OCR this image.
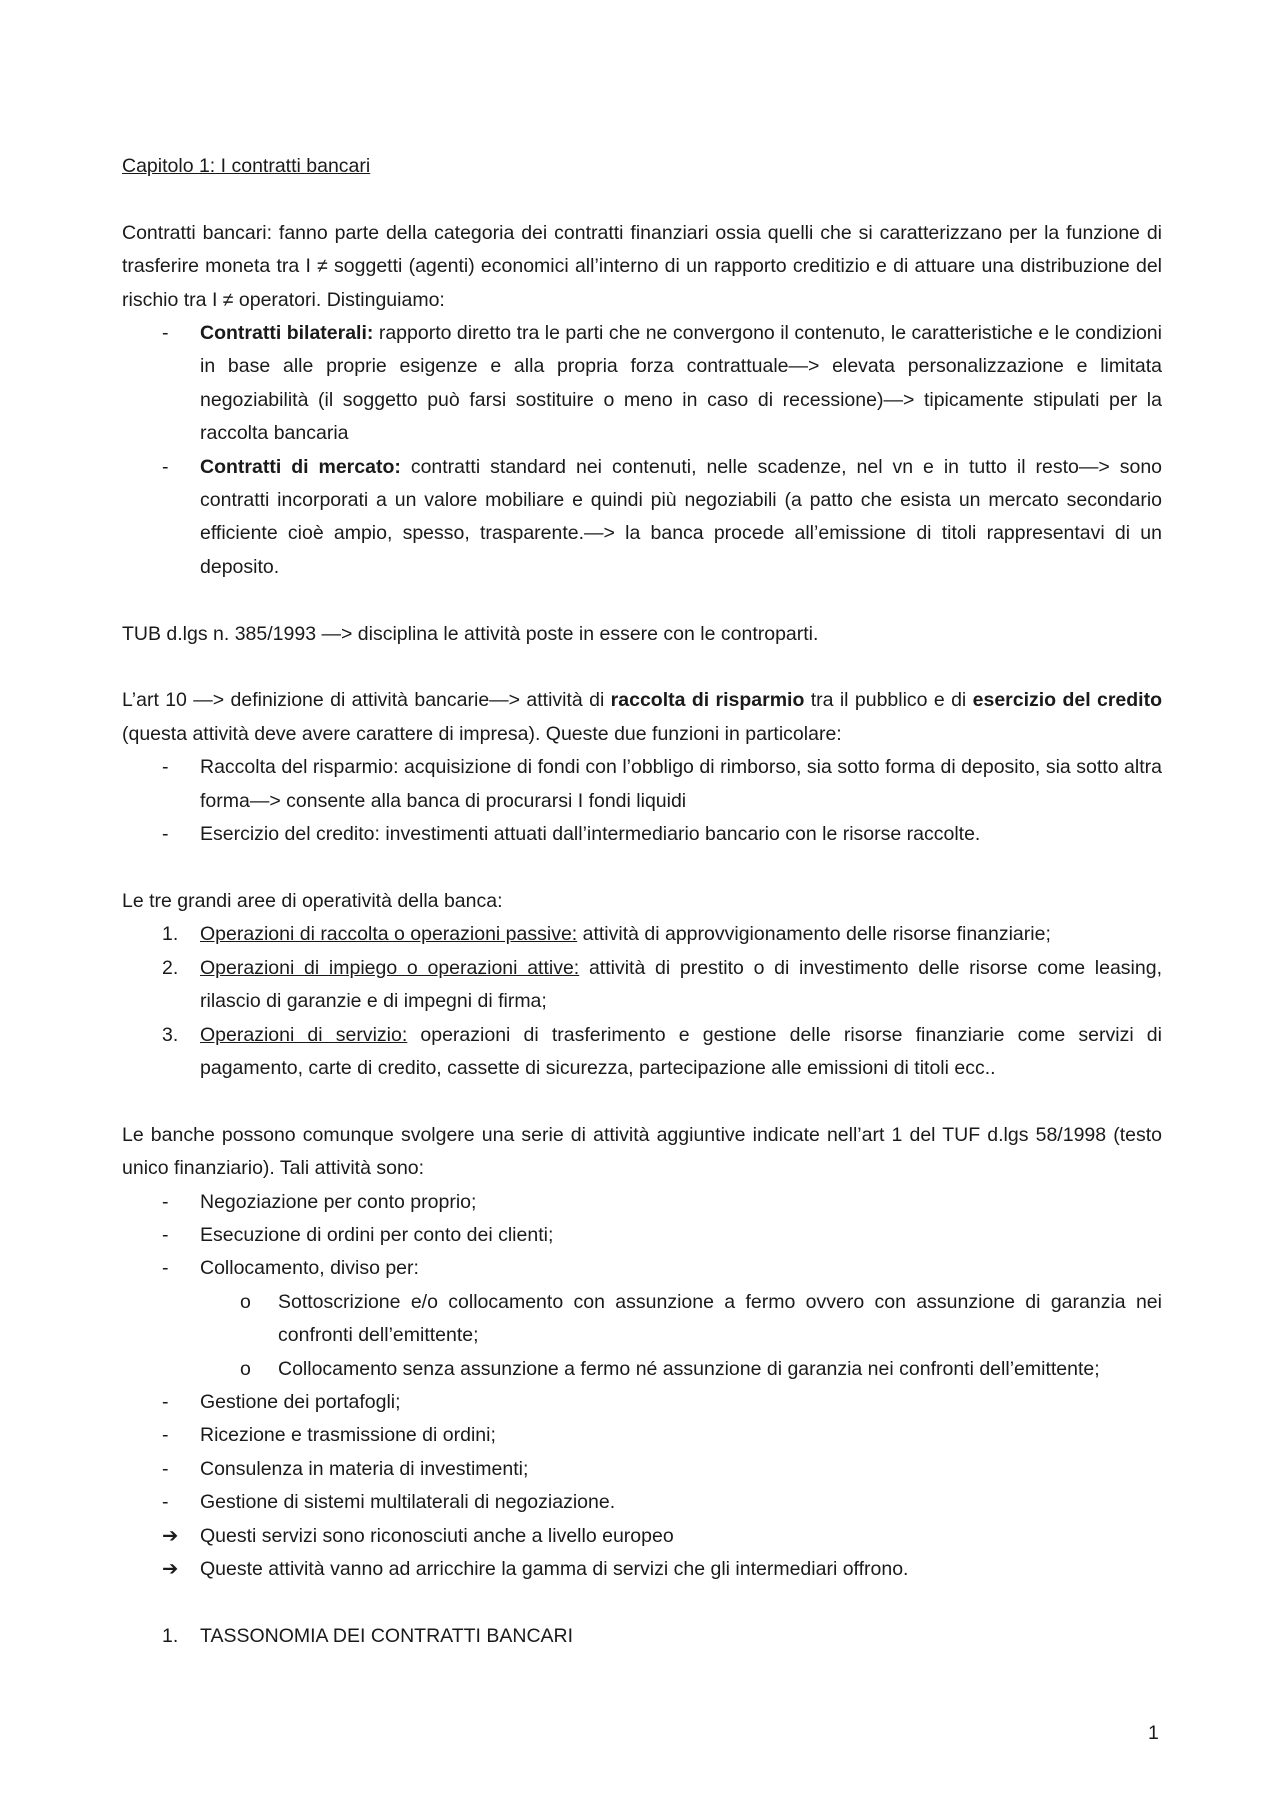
Capitolo 1: I contratti bancari

Contratti bancari: fanno parte della categoria dei contratti finanziari ossia quelli che si caratterizzano per la funzione di trasferire moneta tra I ≠ soggetti (agenti) economici all’interno di un rapporto creditizio e di attuare una distribuzione del rischio tra I ≠ operatori. Distinguiamo:

-	Contratti bilaterali: rapporto diretto tra le parti che ne convergono il contenuto, le caratteristiche e le condizioni in base alle proprie esigenze e alla propria forza contrattuale—> elevata personalizzazione e limitata negoziabilità (il soggetto può farsi sostituire o meno in caso di recessione)—> tipicamente stipulati per la raccolta bancaria
-	Contratti di mercato: contratti standard nei contenuti, nelle scadenze, nel vn e in tutto il resto—> sono contratti incorporati a un valore mobiliare e quindi più negoziabili (a patto che esista un mercato secondario efficiente cioè ampio, spesso, trasparente.—> la banca procede all’emissione di titoli rappresentavi di un deposito.

TUB d.lgs n. 385/1993 —> disciplina le attività poste in essere con le controparti.

L’art 10 —> definizione di attività bancarie—> attività di raccolta di risparmio tra il pubblico e di esercizio del credito (questa attività deve avere carattere di impresa). Queste due funzioni in particolare:

-	Raccolta del risparmio: acquisizione di fondi con l’obbligo di rimborso, sia sotto forma di deposito, sia sotto altra forma—> consente alla banca di procurarsi I fondi liquidi
-	Esercizio del credito: investimenti attuati dall’intermediario bancario con le risorse raccolte.

Le tre grandi aree di operatività della banca:

1.	Operazioni di raccolta o operazioni passive: attività di approvvigionamento delle risorse finanziarie;
2.	Operazioni di impiego o operazioni attive: attività di prestito o di investimento delle risorse come leasing, rilascio di garanzie e di impegni di firma;
3.	Operazioni di servizio: operazioni di trasferimento e gestione delle risorse finanziarie come servizi di pagamento, carte di credito, cassette di sicurezza, partecipazione alle emissioni di titoli ecc..

Le banche possono comunque svolgere una serie di attività aggiuntive indicate nell’art 1 del TUF d.lgs 58/1998 (testo unico finanziario). Tali attività sono:

-	Negoziazione per conto proprio;
-	Esecuzione di ordini per conto dei clienti;
-	Collocamento, diviso per:
o Sottoscrizione e/o collocamento con assunzione a fermo ovvero con assunzione di garanzia nei confronti dell’emittente;
o Collocamento senza assunzione a fermo né assunzione di garanzia nei confronti dell’emittente;
-	Gestione dei portafogli;
-	Ricezione e trasmissione di ordini;
-	Consulenza in materia di investimenti;
-	Gestione di sistemi multilaterali di negoziazione.
➔	Questi servizi sono riconosciuti anche a livello europeo
➔	Queste attività vanno ad arricchire la gamma di servizi che gli intermediari offrono.
1.	TASSONOMIA DEI CONTRATTI BANCARI
1
